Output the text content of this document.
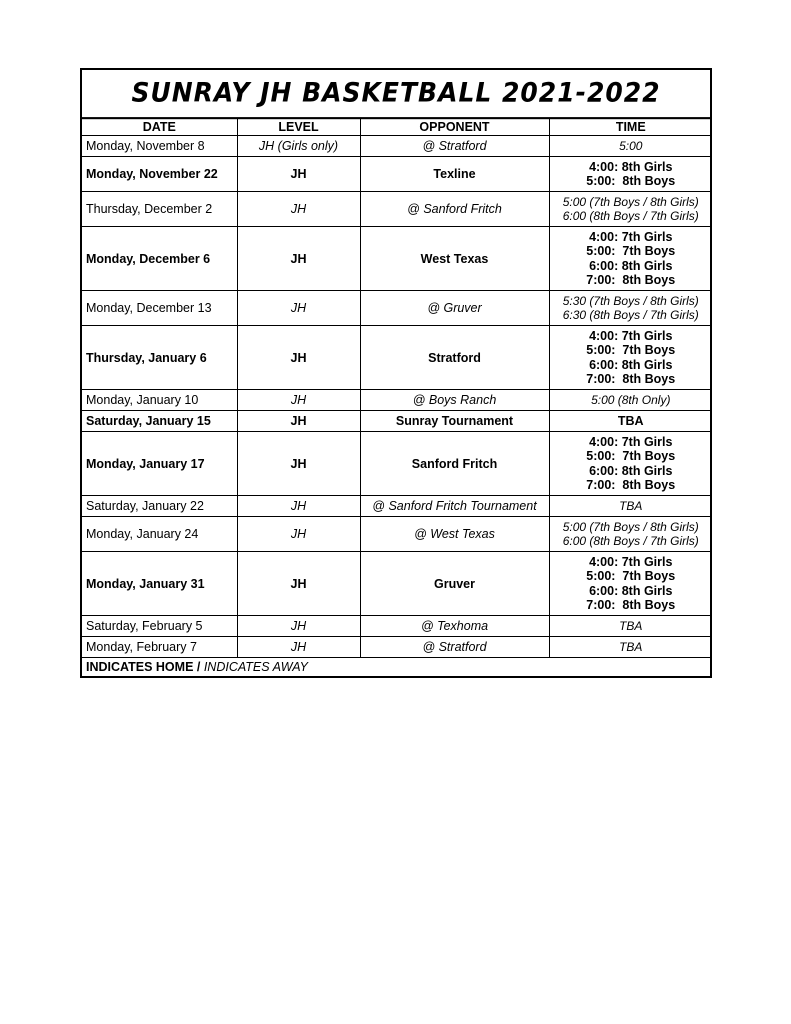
SUNRAY JH BASKETBALL 2021-2022
DATE	LEVEL	OPPONENT	TIME
Monday, November 8	JH (Girls only)	@ Stratford	5:00

Monday, November 22	JH	Texline	4:00: 8th Girls
5:00:  8th Boys

Thursday, December 2	JH	@ Sanford Fritch	5:00 (7th Boys / 8th Girls)
6:00 (8th Boys / 7th Girls)

Monday, December 6	JH	West Texas	4:00: 7th Girls
5:00:  7th Boys
6:00: 8th Girls
7:00:  8th Boys

Monday, December 13	JH	@ Gruver	5:30 (7th Boys / 8th Girls)
6:30 (8th Boys / 7th Girls)

Thursday, January 6	JH	Stratford	4:00: 7th Girls
5:00:  7th Boys
6:00: 8th Girls
7:00:  8th Boys

Monday, January 10	JH	@ Boys Ranch	5:00 (8th Only)

Saturday, January 15	JH	Sunray Tournament	TBA

Monday, January 17	JH	Sanford Fritch	4:00: 7th Girls
5:00:  7th Boys
6:00: 8th Girls
7:00:  8th Boys

Saturday, January 22	JH	@ Sanford Fritch Tournament	TBA

Monday, January 24	JH	@ West Texas	5:00 (7th Boys / 8th Girls)
6:00 (8th Boys / 7th Girls)

Monday, January 31	JH	Gruver	4:00: 7th Girls
5:00:  7th Boys
6:00: 8th Girls
7:00:  8th Boys

Saturday, February 5	JH	@ Texhoma	TBA

Monday, February 7	JH	@ Stratford	TBA

INDICATES HOME / INDICATES AWAY			
